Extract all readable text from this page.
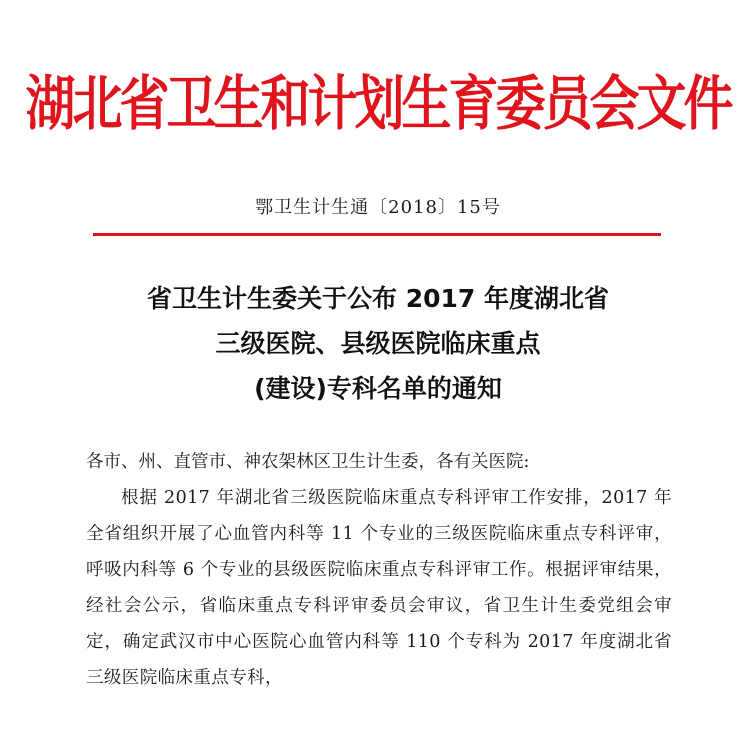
湖北省卫生和计划生育委员会文件
鄂卫生计生通〔2018〕15号
省卫生计生委关于公布 2017 年度湖北省
三级医院、县级医院临床重点
(建设)专科名单的通知

各市、州、直管市、神农架林区卫生计生委，各有关医院:

根据 2017 年湖北省三级医院临床重点专科评审工作安排，2017 年全省组织开展了心血管内科等 11 个专业的三级医院临床重点专科评审，呼吸内科等 6 个专业的县级医院临床重点专科评审工作。根据评审结果，经社会公示，省临床重点专科评审委员会审议，省卫生计生委党组会审定，确定武汉市中心医院心血管内科等 110 个专科为 2017 年度湖北省三级医院临床重点专科，
